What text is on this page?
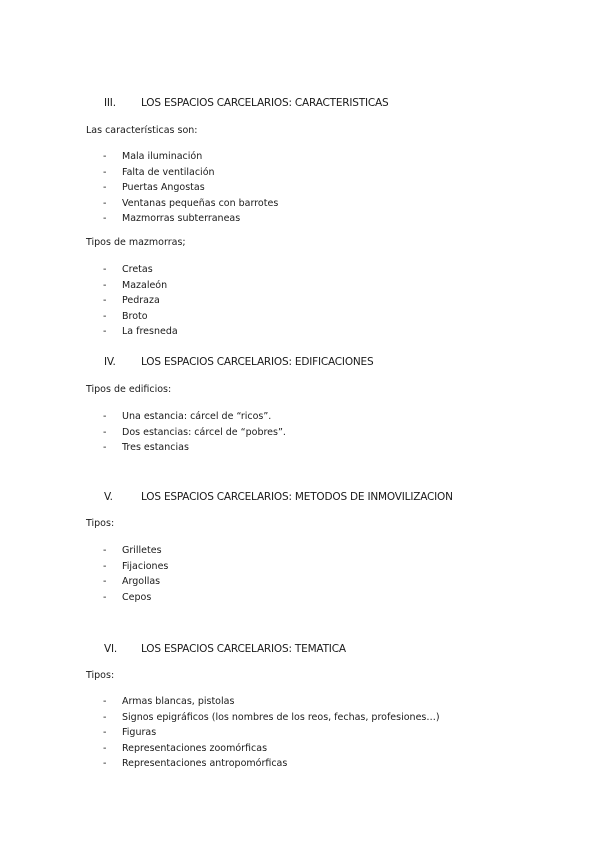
III. LOS ESPACIOS CARCELARIOS: CARACTERISTICAS
Las características son:
- Mala iluminación
- Falta de ventilación
- Puertas Angostas
- Ventanas pequeñas con barrotes
- Mazmorras subterraneas
Tipos de mazmorras;
- Cretas
- Mazaleón
- Pedraza
- Broto
- La fresneda
IV. LOS ESPACIOS CARCELARIOS: EDIFICACIONES
Tipos de edificios:
- Una estancia: cárcel de “ricos”.
- Dos estancias: cárcel de “pobres”.
- Tres estancias
V.	LOS ESPACIOS CARCELARIOS: METODOS DE INMOVILIZACION
Tipos:
- Grilletes
- Fijaciones
- Argollas
- Cepos
VI. LOS ESPACIOS CARCELARIOS: TEMATICA
Tipos:
- Armas blancas, pistolas
- Signos epigráficos (los nombres de los reos, fechas, profesiones…)
- Figuras
- Representaciones zoomórficas
- Representaciones antropomórficas
